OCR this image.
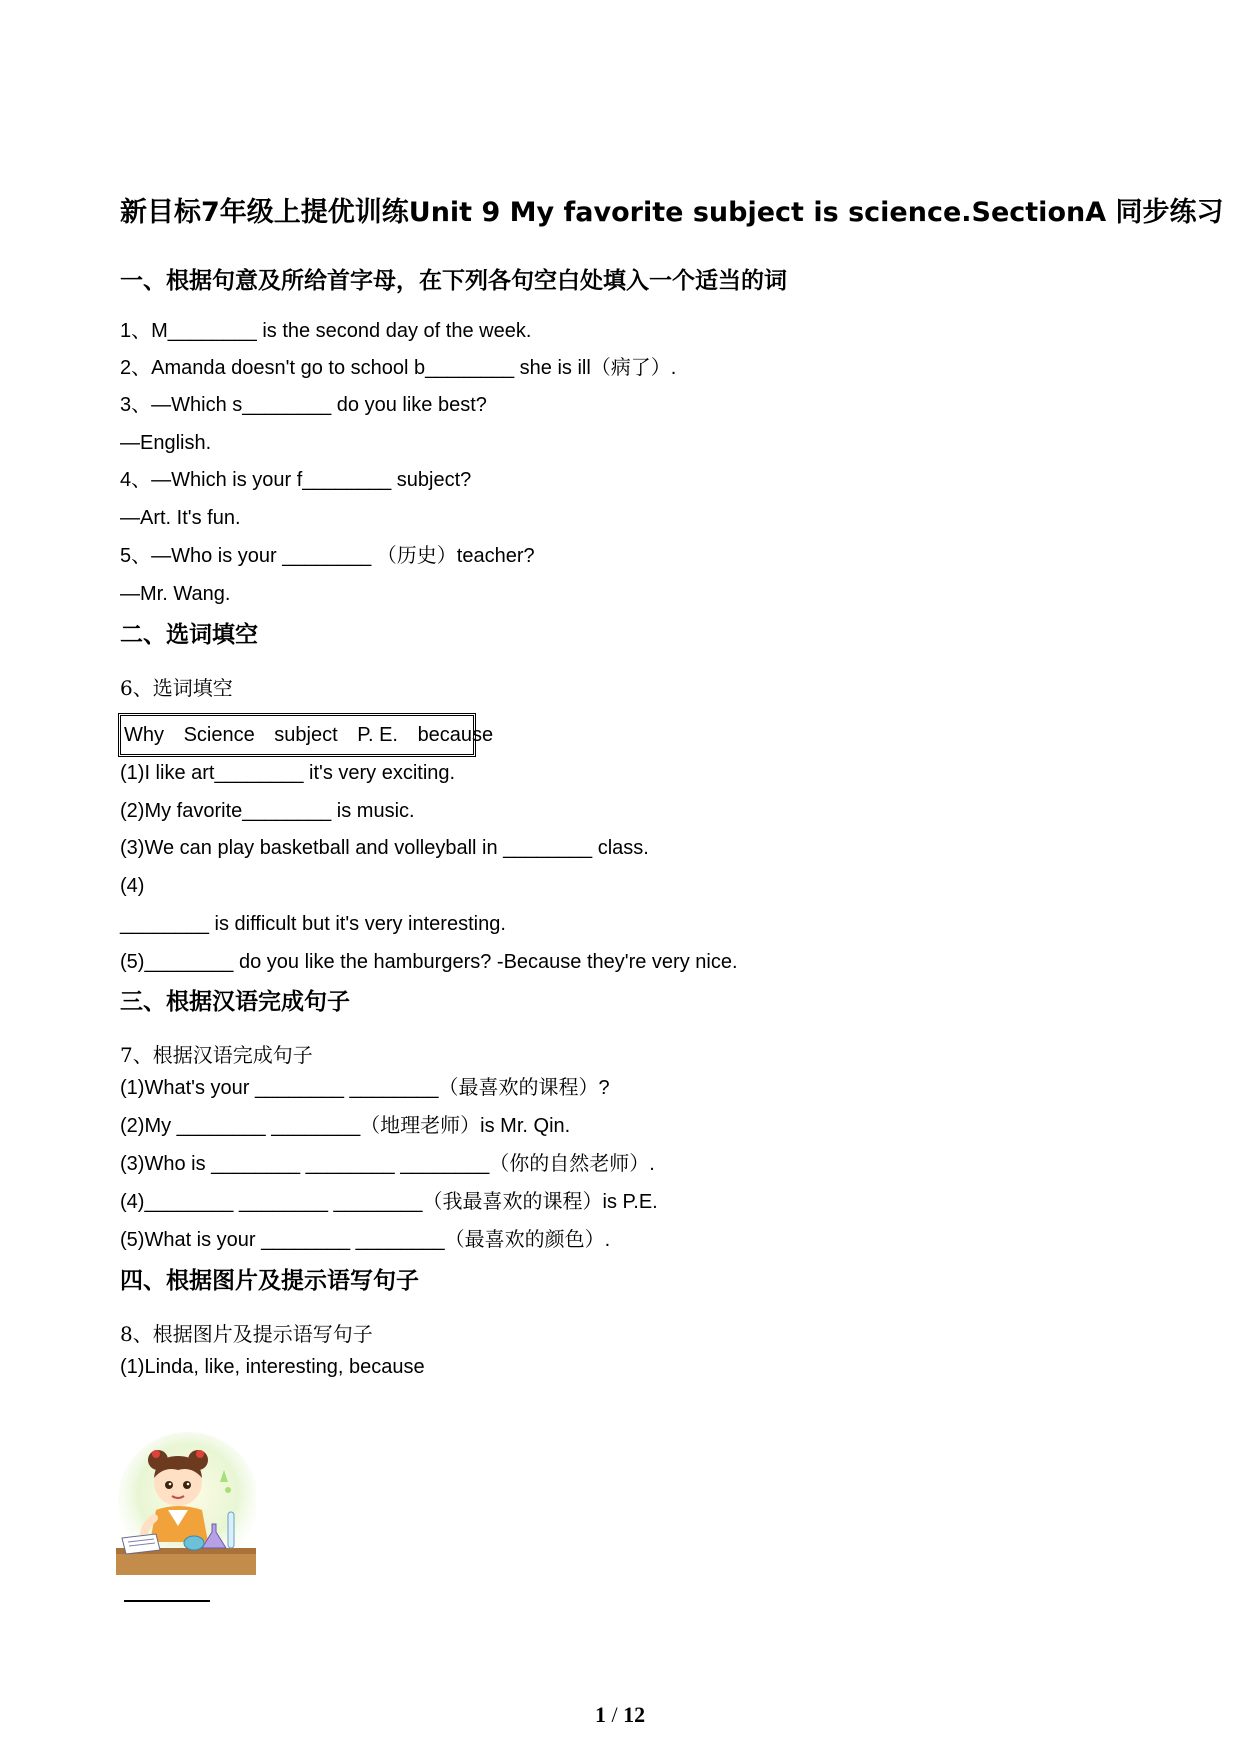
新目标7年级上提优训练Unit 9 My favorite subject is science.SectionA 同步练习
一、根据句意及所给首字母，在下列各句空白处填入一个适当的词
1、M________ is the second day of the week.
2、Amanda doesn't go to school b________ she is ill（病了）.
3、—Which s________ do you like best?
—English.
4、—Which is your f________ subject?
—Art. It's fun.
5、—Who is your ________ （历史）teacher?
—Mr. Wang.
二、选词填空
6、选词填空
Why Science subject P. E. because
(1)I like art________ it's very exciting.
(2)My favorite________ is music.
(3)We can play basketball and volleyball in ________ class.
(4)
________ is difficult but it's very interesting.
(5)________ do you like the hamburgers? -Because they're very nice.
三、根据汉语完成句子
7、根据汉语完成句子
(1)What's your ________ ________（最喜欢的课程）?
(2)My ________ ________（地理老师）is Mr. Qin.
(3)Who is ________ ________ ________（你的自然老师）.
(4)________ ________ ________（我最喜欢的课程）is P.E.
(5)What is your ________ ________（最喜欢的颜色）.
四、根据图片及提示语写句子
8、根据图片及提示语写句子
(1)Linda, like, interesting, because
1 / 12
